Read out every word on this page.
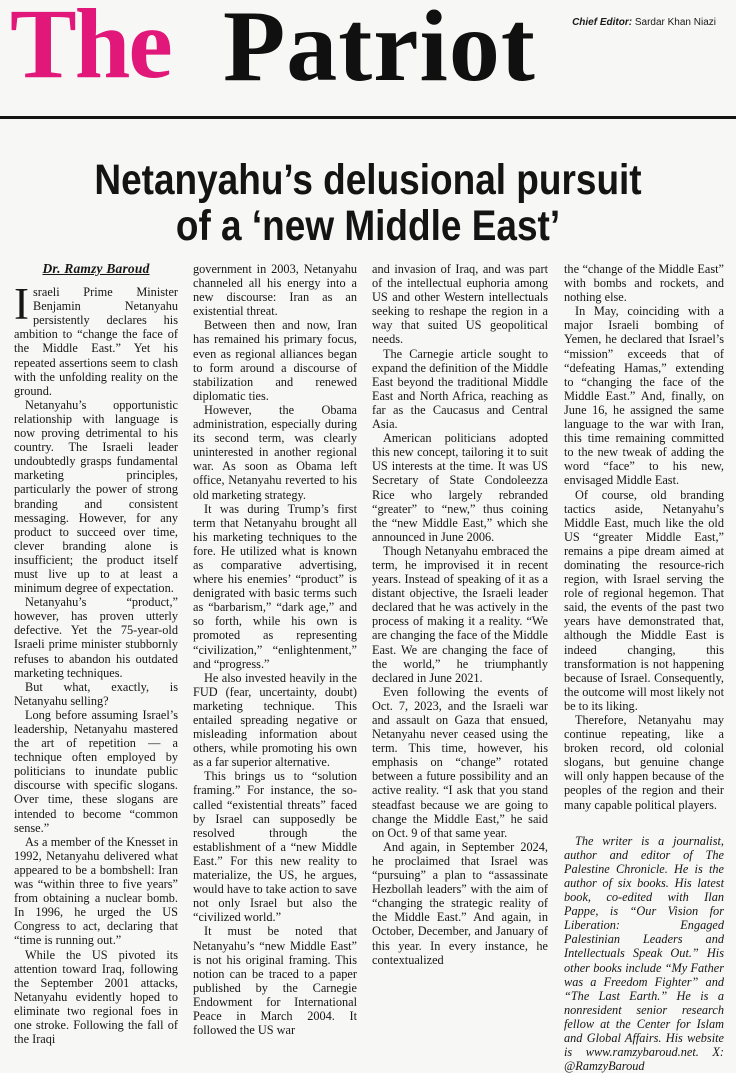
The Patriot	Chief Editor: Sardar Khan Niazi
Netanyahu’s delusional pursuit
of a ‘new Middle East’
Dr. Ramzy Baroud

Israeli Prime Minister Benjamin Netanyahu persistently declares his ambition to “change the face of the Middle East.” Yet his repeated assertions seem to clash with the unfolding reality on the ground.

Netanyahu’s opportunistic relationship with language is now proving detrimental to his country. The Israeli leader undoubtedly grasps fundamental marketing principles, particularly the power of strong branding and consistent messaging. However, for any product to succeed over time, clever branding alone is insufficient; the product itself must live up to at least a minimum degree of expectation.

Netanyahu’s “product,” however, has proven utterly defective. Yet the 75-year-old Israeli prime minister stubbornly refuses to abandon his outdated marketing techniques.

But what, exactly, is Netanyahu selling?

Long before assuming Israel’s leadership, Netanyahu mastered the art of repetition — a technique often employed by politicians to inundate public discourse with specific slogans. Over time, these slogans are intended to become “common sense.”

As a member of the Knesset in 1992, Netanyahu delivered what appeared to be a bombshell: Iran was “within three to five years” from obtaining a nuclear bomb. In 1996, he urged the US Congress to act, declaring that “time is running out.”

While the US pivoted its attention toward Iraq, following the September 2001 attacks, Netanyahu evidently hoped to eliminate two regional foes in one stroke. Following the fall of the Iraqi

government in 2003, Netanyahu channeled all his energy into a new discourse: Iran as an existential threat.

Between then and now, Iran has remained his primary focus, even as regional alliances began to form around a discourse of stabilization and renewed diplomatic ties.

However, the Obama administration, especially during its second term, was clearly uninterested in another regional war. As soon as Obama left office, Netanyahu reverted to his old marketing strategy.

It was during Trump’s first term that Netanyahu brought all his marketing techniques to the fore. He utilized what is known as comparative advertising, where his enemies’ “product” is denigrated with basic terms such as “barbarism,” “dark age,” and so forth, while his own is promoted as representing “civilization,” “enlightenment,” and “progress.”

He also invested heavily in the FUD (fear, uncertainty, doubt) marketing technique. This entailed spreading negative or misleading information about others, while promoting his own as a far superior alternative.

This brings us to “solution framing.” For instance, the so-called “existential threats” faced by Israel can supposedly be resolved through the establishment of a “new Middle East.” For this new reality to materialize, the US, he argues, would have to take action to save not only Israel but also the “civilized world.”

It must be noted that Netanyahu’s “new Middle East” is not his original framing. This notion can be traced to a paper published by the Carnegie Endowment for International Peace in March 2004. It followed the US war

and invasion of Iraq, and was part of the intellectual euphoria among US and other Western intellectuals seeking to reshape the region in a way that suited US geopolitical needs.

The Carnegie article sought to expand the definition of the Middle East beyond the traditional Middle East and North Africa, reaching as far as the Caucasus and Central Asia.

American politicians adopted this new concept, tailoring it to suit US interests at the time. It was US Secretary of State Condoleezza Rice who largely rebranded “greater” to “new,” thus coining the “new Middle East,” which she announced in June 2006.

Though Netanyahu embraced the term, he improvised it in recent years. Instead of speaking of it as a distant objective, the Israeli leader declared that he was actively in the process of making it a reality. “We are changing the face of the Middle East. We are changing the face of the world,” he triumphantly declared in June 2021.

Even following the events of Oct. 7, 2023, and the Israeli war and assault on Gaza that ensued, Netanyahu never ceased using the term. This time, however, his emphasis on “change” rotated between a future possibility and an active reality. “I ask that you stand steadfast because we are going to change the Middle East,” he said on Oct. 9 of that same year.

And again, in September 2024, he proclaimed that Israel was “pursuing” a plan to “assassinate Hezbollah leaders” with the aim of “changing the strategic reality of the Middle East.” And again, in October, December, and January of this year. In every instance, he contextualized

the “change of the Middle East” with bombs and rockets, and nothing else.

In May, coinciding with a major Israeli bombing of Yemen, he declared that Israel’s “mission” exceeds that of “defeating Hamas,” extending to “changing the face of the Middle East.” And, finally, on June 16, he assigned the same language to the war with Iran, this time remaining committed to the new tweak of adding the word “face” to his new, envisaged Middle East.

Of course, old branding tactics aside, Netanyahu’s Middle East, much like the old US “greater Middle East,” remains a pipe dream aimed at dominating the resource-rich region, with Israel serving the role of regional hegemon. That said, the events of the past two years have demonstrated that, although the Middle East is indeed changing, this transformation is not happening because of Israel. Consequently, the outcome will most likely not be to its liking.

Therefore, Netanyahu may continue repeating, like a broken record, old colonial slogans, but genuine change will only happen because of the peoples of the region and their many capable political players.

The writer is a journalist, author and editor of The Palestine Chronicle. He is the author of six books. His latest book, co-edited with Ilan Pappe, is “Our Vision for Liberation: Engaged Palestinian Leaders and Intellectuals Speak Out.” His other books include “My Father was a Freedom Fighter” and “The Last Earth.” He is a nonresident senior research fellow at the Center for Islam and Global Affairs. His website is www.ramzybaroud.net. X: @RamzyBaroud
